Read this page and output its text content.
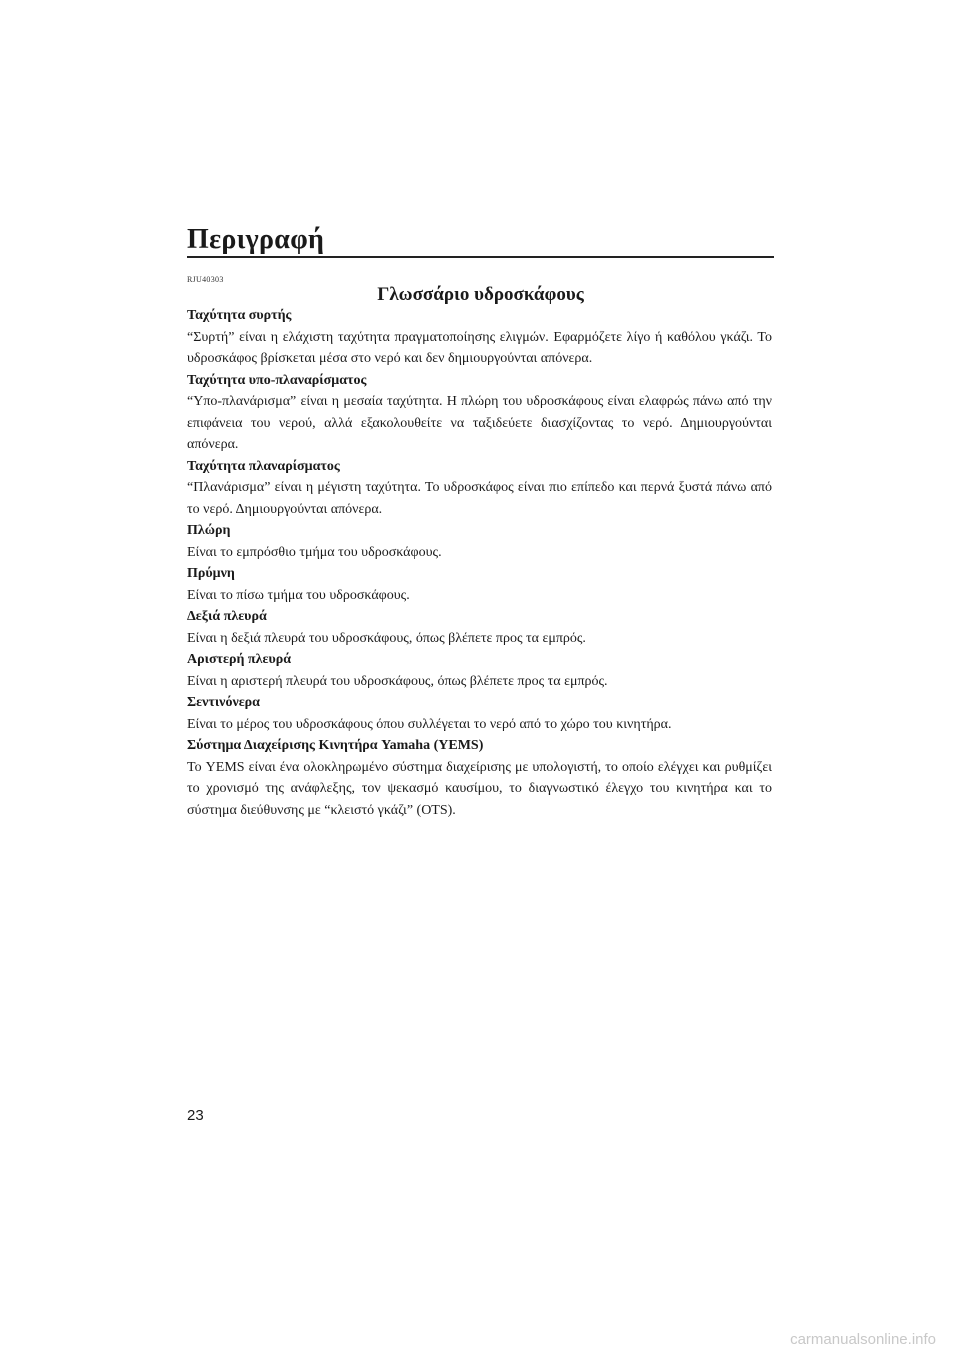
Περιγραφή
RJU40303
Γλωσσάριο υδροσκάφους

Ταχύτητα συρτής

“Συρτή” είναι η ελάχιστη ταχύτητα πραγματοποίησης ελιγμών. Εφαρμόζετε λίγο ή καθόλου γκάζι. Το υδροσκάφος βρίσκεται μέσα στο νερό και δεν δημιουργούνται απόνερα.

Ταχύτητα υπο-πλαναρίσματος

“Υπο-πλανάρισμα” είναι η μεσαία ταχύτητα. Η πλώρη του υδροσκάφους είναι ελαφρώς πάνω από την επιφάνεια του νερού, αλλά εξακολουθείτε να ταξιδεύετε διασχίζοντας το νερό. Δημιουργούνται απόνερα.

Ταχύτητα πλαναρίσματος

“Πλανάρισμα” είναι η μέγιστη ταχύτητα. Το υδροσκάφος είναι πιο επίπεδο και περνά ξυστά πάνω από το νερό. Δημιουργούνται απόνερα.

Πλώρη

Είναι το εμπρόσθιο τμήμα του υδροσκάφους.

Πρύμνη

Είναι το πίσω τμήμα του υδροσκάφους.

Δεξιά πλευρά

Είναι η δεξιά πλευρά του υδροσκάφους, όπως βλέπετε προς τα εμπρός.

Αριστερή πλευρά

Είναι η αριστερή πλευρά του υδροσκάφους, όπως βλέπετε προς τα εμπρός.

Σεντινόνερα

Είναι το μέρος του υδροσκάφους όπου συλλέγεται το νερό από το χώρο του κινητήρα.

Σύστημα Διαχείρισης Κινητήρα Yamaha (YEMS)

Το YEMS είναι ένα ολοκληρωμένο σύστημα διαχείρισης με υπολογιστή, το οποίο ελέγχει και ρυθμίζει το χρονισμό της ανάφλεξης, τον ψεκασμό καυσίμου, το διαγνωστικό έλεγχο του κινητήρα και το σύστημα διεύθυνσης με “κλειστό γκάζι” (OTS).

23
carmanualsonline.info
